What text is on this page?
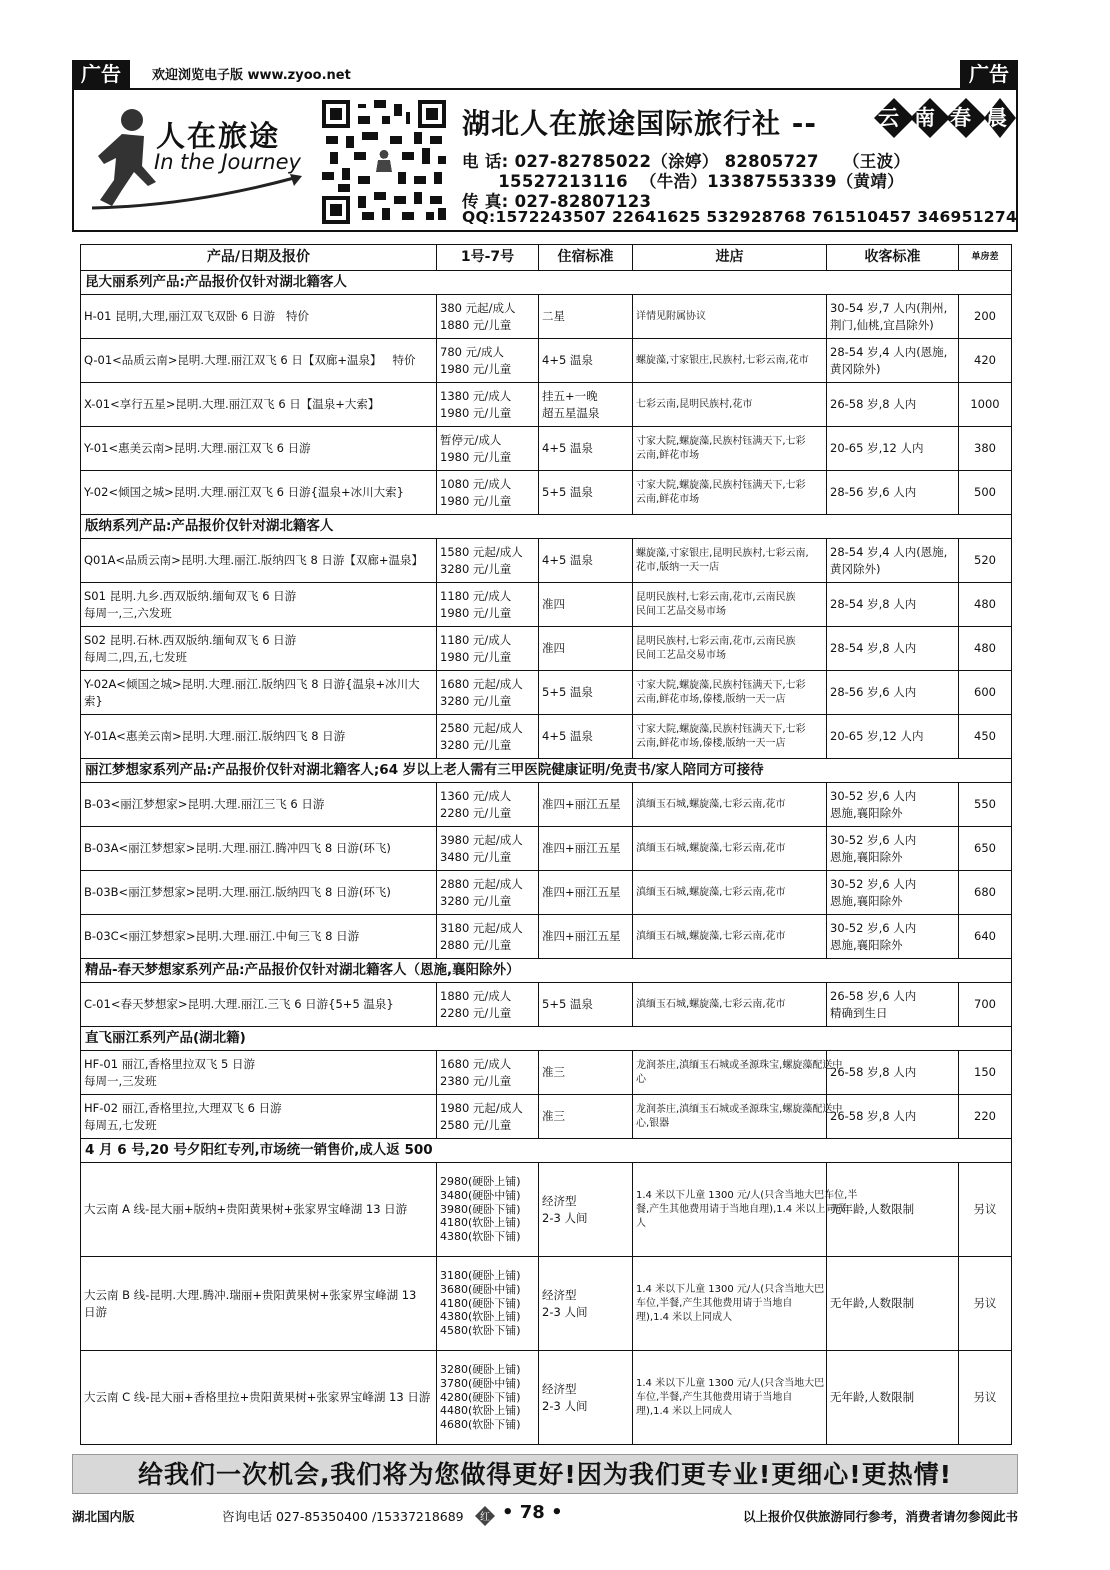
广告	欢迎浏览电子版 www.zyoo.net	广告
人在旅途
In the Journey
湖北人在旅途国际旅行社 --	云南春晨
电 话: 027-82785022（涂婷） 82805727    （王波）
15527213116  （牛浩）13387553339（黄靖）
传 真: 027-82807123
QQ:1572243507 22641625 532928768 761510457 346951274
产品/日期及报价	1号-7号	住宿标准	进店	收客标准	单房差
昆大丽系列产品:产品报价仅针对湖北籍客人					

H-01 昆明,大理,丽江双飞双卧 6 日游   特价	380 元起/成人
1880 元/儿童	二星	详情见附属协议	30-54 岁,7 人内(荆州,
荆门,仙桃,宜昌除外)	200

Q-01<品质云南>昆明.大理.丽江双飞 6 日【双廊+温泉】   特价	780 元/成人
1980 元/儿童	4+5 温泉	螺旋藻,寸家银庄,民族村,七彩云南,花市	28-54 岁,4 人内(恩施,
黄冈除外)	420

X-01<享行五星>昆明.大理.丽江双飞 6 日【温泉+大索】	1380 元/成人
1980 元/儿童	挂五+一晚
超五星温泉	七彩云南,昆明民族村,花市	26-58 岁,8 人内	1000

Y-01<惠美云南>昆明.大理.丽江双飞 6 日游	暂停元/成人
1980 元/儿童	4+5 温泉	寸家大院,螺旋藻,民族村钰满天下,七彩
云南,鲜花市场	20-65 岁,12 人内	380

Y-02<倾国之城>昆明.大理.丽江双飞 6 日游{温泉+冰川大索}	1080 元/成人
1980 元/儿童	5+5 温泉	寸家大院,螺旋藻,民族村钰满天下,七彩
云南,鲜花市场	28-56 岁,6 人内	500

版纳系列产品:产品报价仅针对湖北籍客人					

Q01A<品质云南>昆明.大理.丽江.版纳四飞 8 日游【双廊+温泉】	1580 元起/成人
3280 元/儿童	4+5 温泉	螺旋藻,寸家银庄,昆明民族村,七彩云南,
花市,版纳一天一店	28-54 岁,4 人内(恩施,
黄冈除外)	520

S01 昆明.九乡.西双版纳.缅甸双飞 6 日游
每周一,三,六发班	1180 元/成人
1980 元/儿童	准四	昆明民族村,七彩云南,花市,云南民族
民间工艺品交易市场	28-54 岁,8 人内	480

S02 昆明.石林.西双版纳.缅甸双飞 6 日游
每周二,四,五,七发班	1180 元/成人
1980 元/儿童	准四	昆明民族村,七彩云南,花市,云南民族
民间工艺品交易市场	28-54 岁,8 人内	480

Y-02A<倾国之城>昆明.大理.丽江.版纳四飞 8 日游{温泉+冰川大
索}	1680 元起/成人
3280 元/儿童	5+5 温泉	寸家大院,螺旋藻,民族村钰满天下,七彩
云南,鲜花市场,傣楼,版纳一天一店	28-56 岁,6 人内	600

Y-01A<惠美云南>昆明.大理.丽江.版纳四飞 8 日游	2580 元起/成人
3280 元/儿童	4+5 温泉	寸家大院,螺旋藻,民族村钰满天下,七彩
云南,鲜花市场,傣楼,版纳一天一店	20-65 岁,12 人内	450

丽江梦想家系列产品:产品报价仅针对湖北籍客人;64 岁以上老人需有三甲医院健康证明/免责书/家人陪同方可接待					

B-03<丽江梦想家>昆明.大理.丽江三飞 6 日游	1360 元/成人
2280 元/儿童	准四+丽江五星	滇缅玉石城,螺旋藻,七彩云南,花市	30-52 岁,6 人内
恩施,襄阳除外	550

B-03A<丽江梦想家>昆明.大理.丽江.腾冲四飞 8 日游(环飞)	3980 元起/成人
3480 元/儿童	准四+丽江五星	滇缅玉石城,螺旋藻,七彩云南,花市	30-52 岁,6 人内
恩施,襄阳除外	650

B-03B<丽江梦想家>昆明.大理.丽江.版纳四飞 8 日游(环飞)	2880 元起/成人
3280 元/儿童	准四+丽江五星	滇缅玉石城,螺旋藻,七彩云南,花市	30-52 岁,6 人内
恩施,襄阳除外	680

B-03C<丽江梦想家>昆明.大理.丽江.中甸三飞 8 日游	3180 元起/成人
2880 元/儿童	准四+丽江五星	滇缅玉石城,螺旋藻,七彩云南,花市	30-52 岁,6 人内
恩施,襄阳除外	640

精品-春天梦想家系列产品:产品报价仅针对湖北籍客人（恩施,襄阳除外）					

C-01<春天梦想家>昆明.大理.丽江.三飞 6 日游{5+5 温泉}	1880 元/成人
2280 元/儿童	5+5 温泉	滇缅玉石城,螺旋藻,七彩云南,花市	26-58 岁,6 人内
精确到生日	700

直飞丽江系列产品(湖北籍)					

HF-01 丽江,香格里拉双飞 5 日游
每周一,三发班	1680 元/成人
2380 元/儿童	准三	龙润茶庄,滇缅玉石城或圣源珠宝,螺旋藻配送中
心	26-58 岁,8 人内	150

HF-02 丽江,香格里拉,大理双飞 6 日游
每周五,七发班	1980 元起/成人
2580 元/儿童	准三	龙润茶庄,滇缅玉石城或圣源珠宝,螺旋藻配送中
心,银器	26-58 岁,8 人内	220

4 月 6 号,20 号夕阳红专列,市场统一销售价,成人返 500					

大云南 A 线-昆大丽+版纳+贵阳黄果树+张家界宝峰湖 13 日游	2980(硬卧上铺)
3480(硬卧中铺)
3980(硬卧下铺)
4180(软卧上铺)
4380(软卧下铺)	经济型
2-3 人间	1.4 米以下儿童 1300 元/人(只含当地大巴车位,半
餐,产生其他费用请于当地自理),1.4 米以上同成
人	无年龄,人数限制	另议

大云南 B 线-昆明.大理.腾冲.瑞丽+贵阳黄果树+张家界宝峰湖 13
日游	3180(硬卧上铺)
3680(硬卧中铺)
4180(硬卧下铺)
4380(软卧上铺)
4580(软卧下铺)	经济型
2-3 人间	1.4 米以下儿童 1300 元/人(只含当地大巴
车位,半餐,产生其他费用请于当地自
理),1.4 米以上同成人	无年龄,人数限制	另议

大云南 C 线-昆大丽+香格里拉+贵阳黄果树+张家界宝峰湖 13 日游	3280(硬卧上铺)
3780(硬卧中铺)
4280(硬卧下铺)
4480(软卧上铺)
4680(软卧下铺)	经济型
2-3 人间	1.4 米以下儿童 1300 元/人(只含当地大巴
车位,半餐,产生其他费用请于当地自
理),1.4 米以上同成人	无年龄,人数限制	另议
给我们一次机会,我们将为您做得更好!因为我们更专业!更细心!更热情!
湖北国内版	咨询电话 027-85350400 /15337218689 红 • 78 •	以上报价仅供旅游同行参考，消费者请勿参阅此书
